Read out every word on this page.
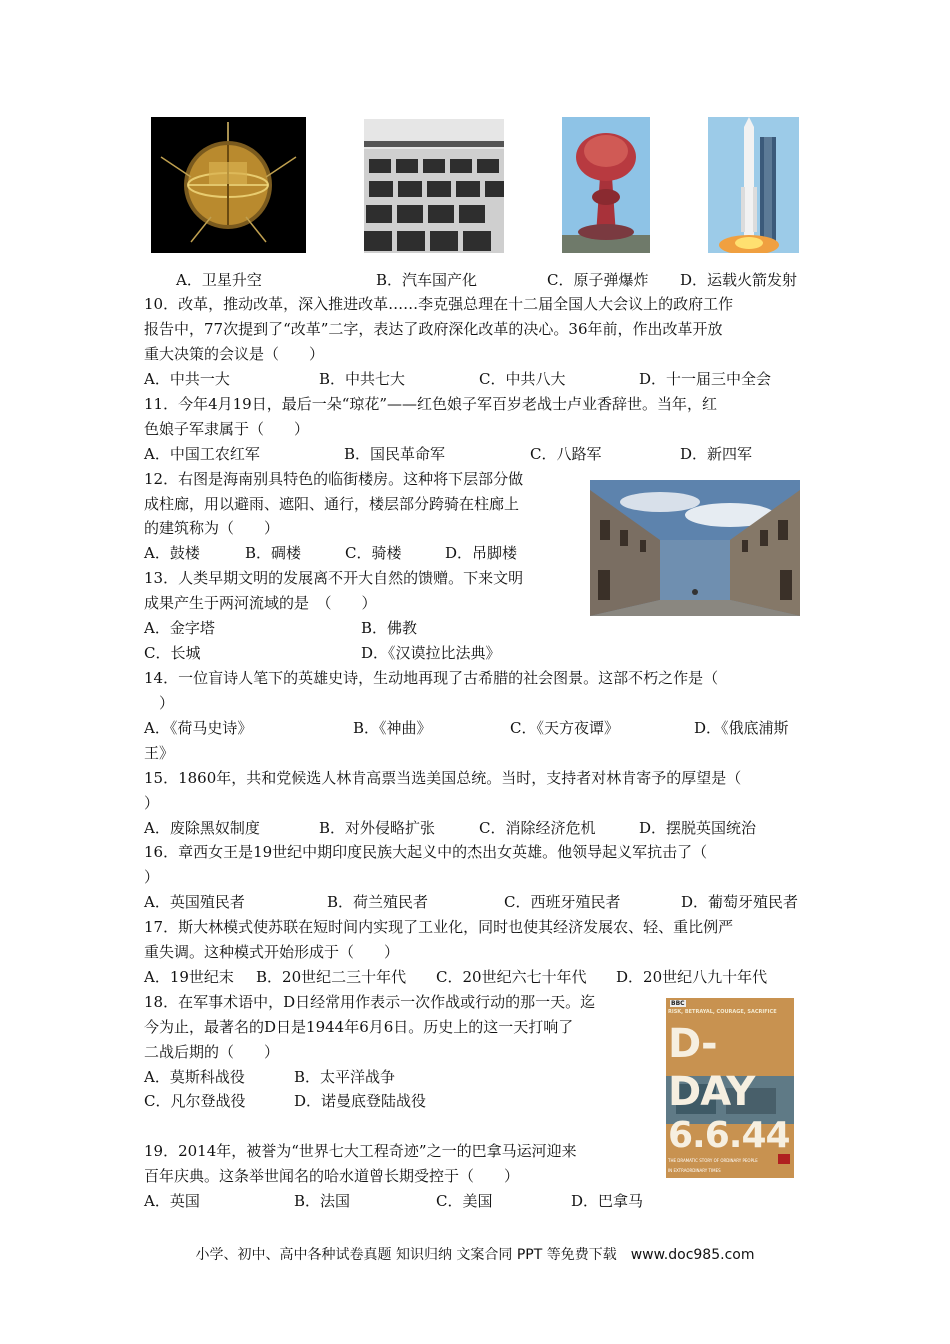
A．卫星升空	B．汽车国产化	C．原子弹爆炸 D．运载火箭发射
10．改革，推动改革，深入推进改革……李克强总理在十二届全国人大会议上的政府工作
报告中，77次提到了“改革”二字，表达了政府深化改革的决心。36年前，作出改革开放
重大决策的会议是（　　）
A．中共一大	B．中共七大	C．中共八大	D．十一届三中全会
11．今年4月19日，最后一朵“琼花”——红色娘子军百岁老战士卢业香辞世。当年，红
色娘子军隶属于（　　）
A．中国工农红军	B．国民革命军	C．八路军	D．新四军
12．右图是海南别具特色的临街楼房。这种将下层部分做
成柱廊，用以避雨、遮阳、通行，楼层部分跨骑在柱廊上
的建筑称为（　　）
A．鼓楼	B．碉楼	C．骑楼	D．吊脚楼
13．人类早期文明的发展离不开大自然的馈赠。下来文明
成果产生于两河流域的是　（　　）
A．金字塔	B．佛教
C．长城	D．《汉谟拉比法典》
14．一位盲诗人笔下的英雄史诗，生动地再现了古希腊的社会图景。这部不朽之作是（
　）
A．《荷马史诗》	B．《神曲》	C．《天方夜谭》	D．《俄底浦斯
王》
15．1860年，共和党候选人林肯高票当选美国总统。当时，支持者对林肯寄予的厚望是（
）
A．废除黑奴制度	B．对外侵略扩张	C．消除经济危机	D．摆脱英国统治
16．章西女王是19世纪中期印度民族大起义中的杰出女英雄。他领导起义军抗击了（
）
A．英国殖民者	B．荷兰殖民者	C．西班牙殖民者	D．葡萄牙殖民者
17．斯大林模式使苏联在短时间内实现了工业化，同时也使其经济发展农、轻、重比例严
重失调。这种模式开始形成于（　　）
A．19世纪末 B．20世纪二三十年代 C．20世纪六七十年代 D．20世纪八九十年代
18．在军事术语中，D日经常用作表示一次作战或行动的那一天。迄
今为止，最著名的D日是1944年6月6日。历史上的这一天打响了
二战后期的（　　）
A．莫斯科战役	B．太平洋战争
C．凡尔登战役	D．诺曼底登陆战役
BBC
RISK, BETRAYAL, COURAGE, SACRIFICE
D-DAY
6.6.44
THE DRAMATIC STORY OF ORDINARY PEOPLE
IN EXTRAORDINARY TIMES
19．2014年，被誉为“世界七大工程奇迹”之一的巴拿马运河迎来
百年庆典。这条举世闻名的哈水道曾长期受控于（　　）
A．英国	B．法国	C．美国	D．巴拿马
小学、初中、高中各种试卷真题 知识归纳 文案合同 PPT 等免费下载　www.doc985.com
